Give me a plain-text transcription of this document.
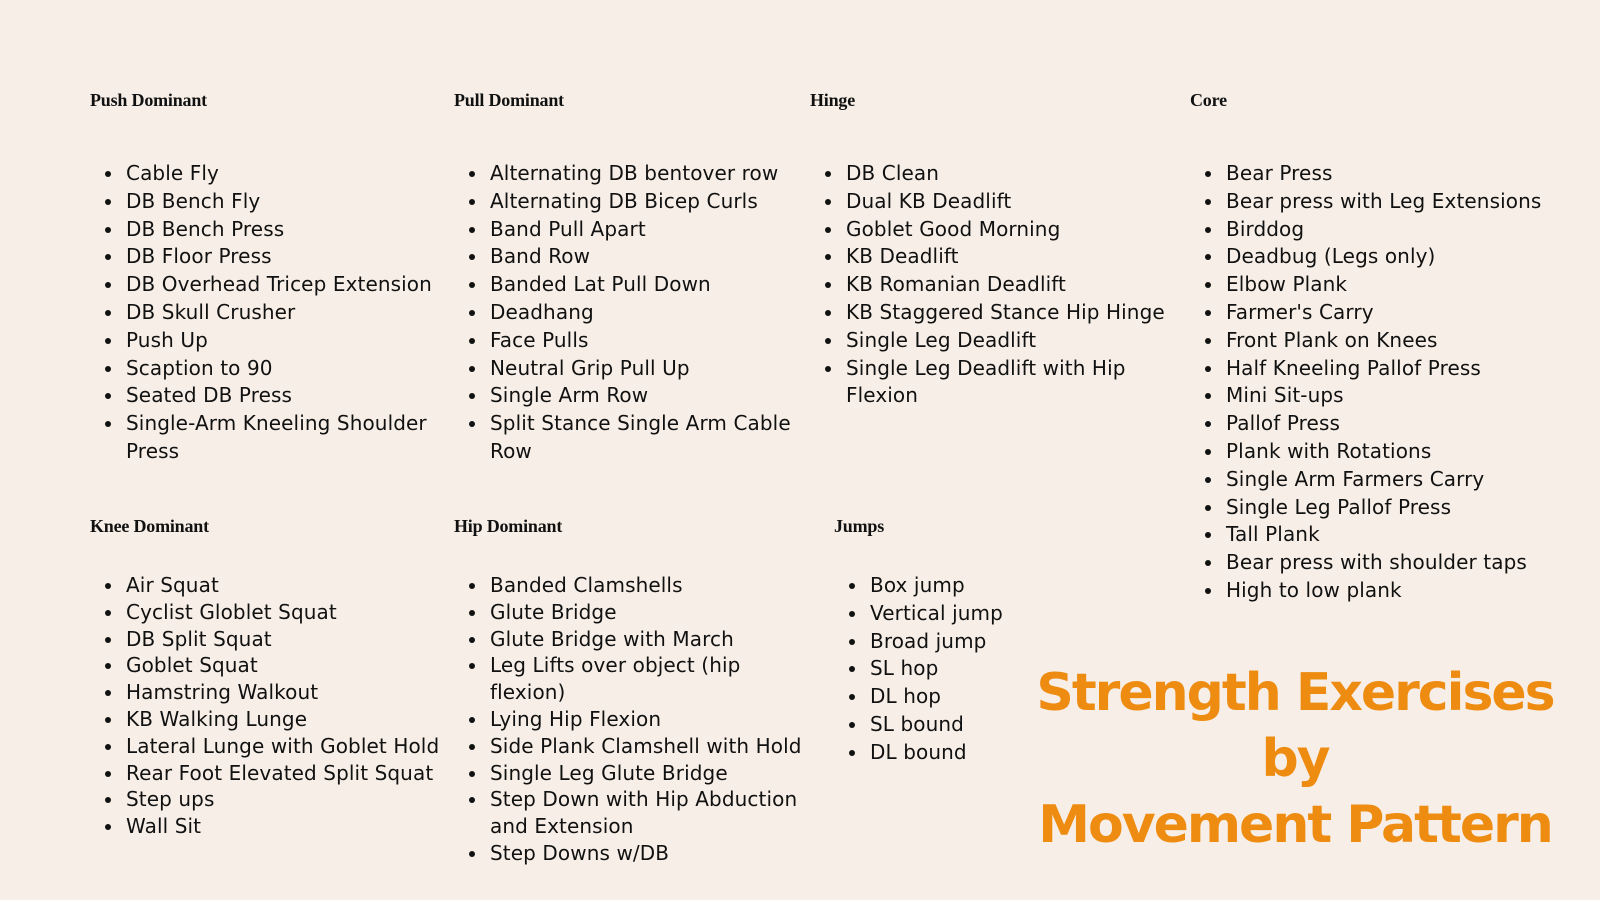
Push Dominant
• Cable Fly
• DB Bench Fly
• DB Bench Press
• DB Floor Press
• DB Overhead Tricep Extension
• DB Skull Crusher
• Push Up
• Scaption to 90
• Seated DB Press
• Single-Arm Kneeling Shoulder Press
Pull Dominant
• Alternating DB bentover row
• Alternating DB Bicep Curls
• Band Pull Apart
• Band Row
• Banded Lat Pull Down
• Deadhang
• Face Pulls
• Neutral Grip Pull Up
• Single Arm Row
• Split Stance Single Arm Cable Row
Hinge
• DB Clean
• Dual KB Deadlift
• Goblet Good Morning
• KB Deadlift
• KB Romanian Deadlift
• KB Staggered Stance Hip Hinge
• Single Leg Deadlift
• Single Leg Deadlift with Hip Flexion
Core
• Bear Press
• Bear press with Leg Extensions
• Birddog
• Deadbug (Legs only)
• Elbow Plank
• Farmer's Carry
• Front Plank on Knees
• Half Kneeling Pallof Press
• Mini Sit-ups
• Pallof Press
• Plank with Rotations
• Single Arm Farmers Carry
• Single Leg Pallof Press
• Tall Plank
• Bear press with shoulder taps
• High to low plank
Knee Dominant
• Air Squat
• Cyclist Globlet Squat
• DB Split Squat
• Goblet Squat
• Hamstring Walkout
• KB Walking Lunge
• Lateral Lunge with Goblet Hold
• Rear Foot Elevated Split Squat
• Step ups
• Wall Sit
Hip Dominant
• Banded Clamshells
• Glute Bridge
• Glute Bridge with March
• Leg Lifts over object (hip flexion)
• Lying Hip Flexion
• Side Plank Clamshell with Hold
• Single Leg Glute Bridge
• Step Down with Hip Abduction and Extension
• Step Downs w/DB
Jumps
• Box jump
• Vertical jump
• Broad jump
• SL hop
• DL hop
• SL bound
• DL bound
Strength Exercises
by
Movement Pattern
